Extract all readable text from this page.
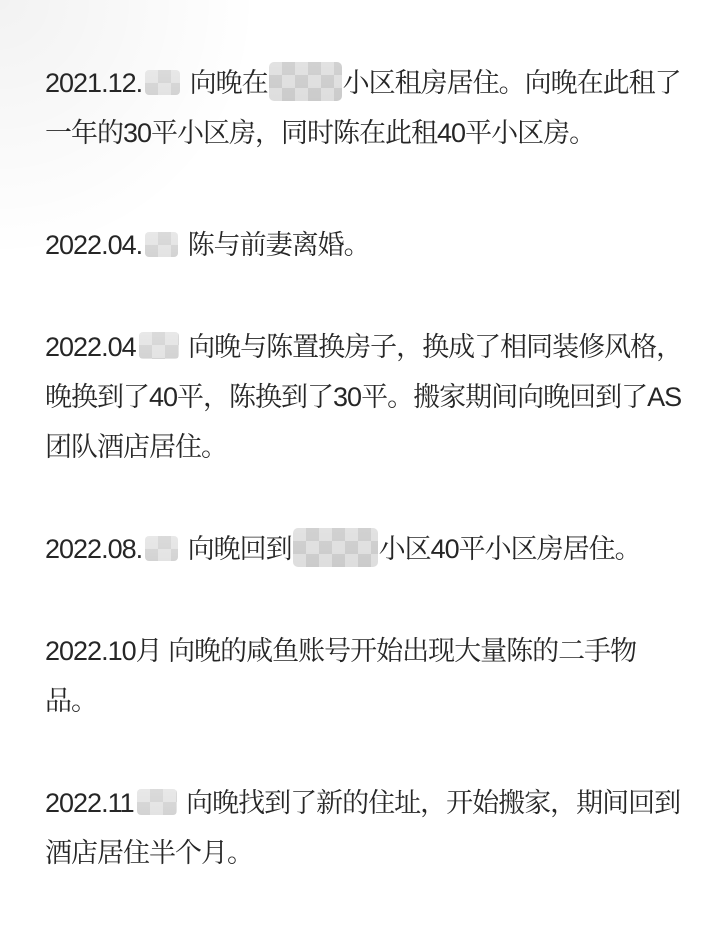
2021.12. 向晚在	小区租房居住。向晚在此租了
一年的30平小区房，同时陈在此租40平小区房。
2022.04. 陈与前妻离婚。
2022.04 向晚与陈置换房子，换成了相同装修风格，
晚换到了40平，陈换到了30平。搬家期间向晚回到了AS
团队酒店居住。
2022.08. 向晚回到	小区40平小区房居住。
2022.10月 向晚的咸鱼账号开始出现大量陈的二手物
品。
2022.11 向晚找到了新的住址，开始搬家，期间回到
酒店居住半个月。
